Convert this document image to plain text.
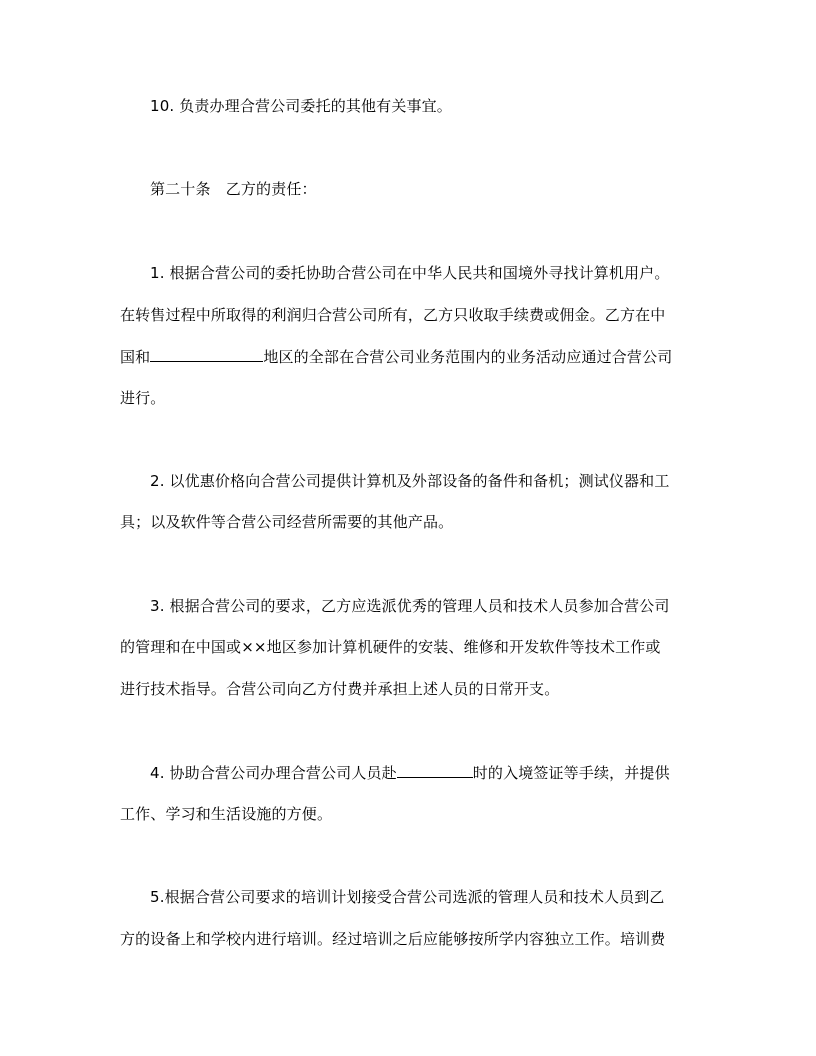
10. 负责办理合营公司委托的其他有关事宜。
第二十条　乙方的责任：
1. 根据合营公司的委托协助合营公司在中华人民共和国境外寻找计算机用户。
在转售过程中所取得的利润归合营公司所有，乙方只收取手续费或佣金。乙方在中
国和	地区的全部在合营公司业务范围内的业务活动应通过合营公司
进行。
2. 以优惠价格向合营公司提供计算机及外部设备的备件和备机；测试仪器和工
具；以及软件等合营公司经营所需要的其他产品。
3. 根据合营公司的要求，乙方应选派优秀的管理人员和技术人员参加合营公司
的管理和在中国或××地区参加计算机硬件的安装、维修和开发软件等技术工作或
进行技术指导。合营公司向乙方付费并承担上述人员的日常开支。
4. 协助合营公司办理合营公司人员赴	时的入境签证等手续，并提供
工作、学习和生活设施的方便。
5.根据合营公司要求的培训计划接受合营公司选派的管理人员和技术人员到乙
方的设备上和学校内进行培训。经过培训之后应能够按所学内容独立工作。培训费
